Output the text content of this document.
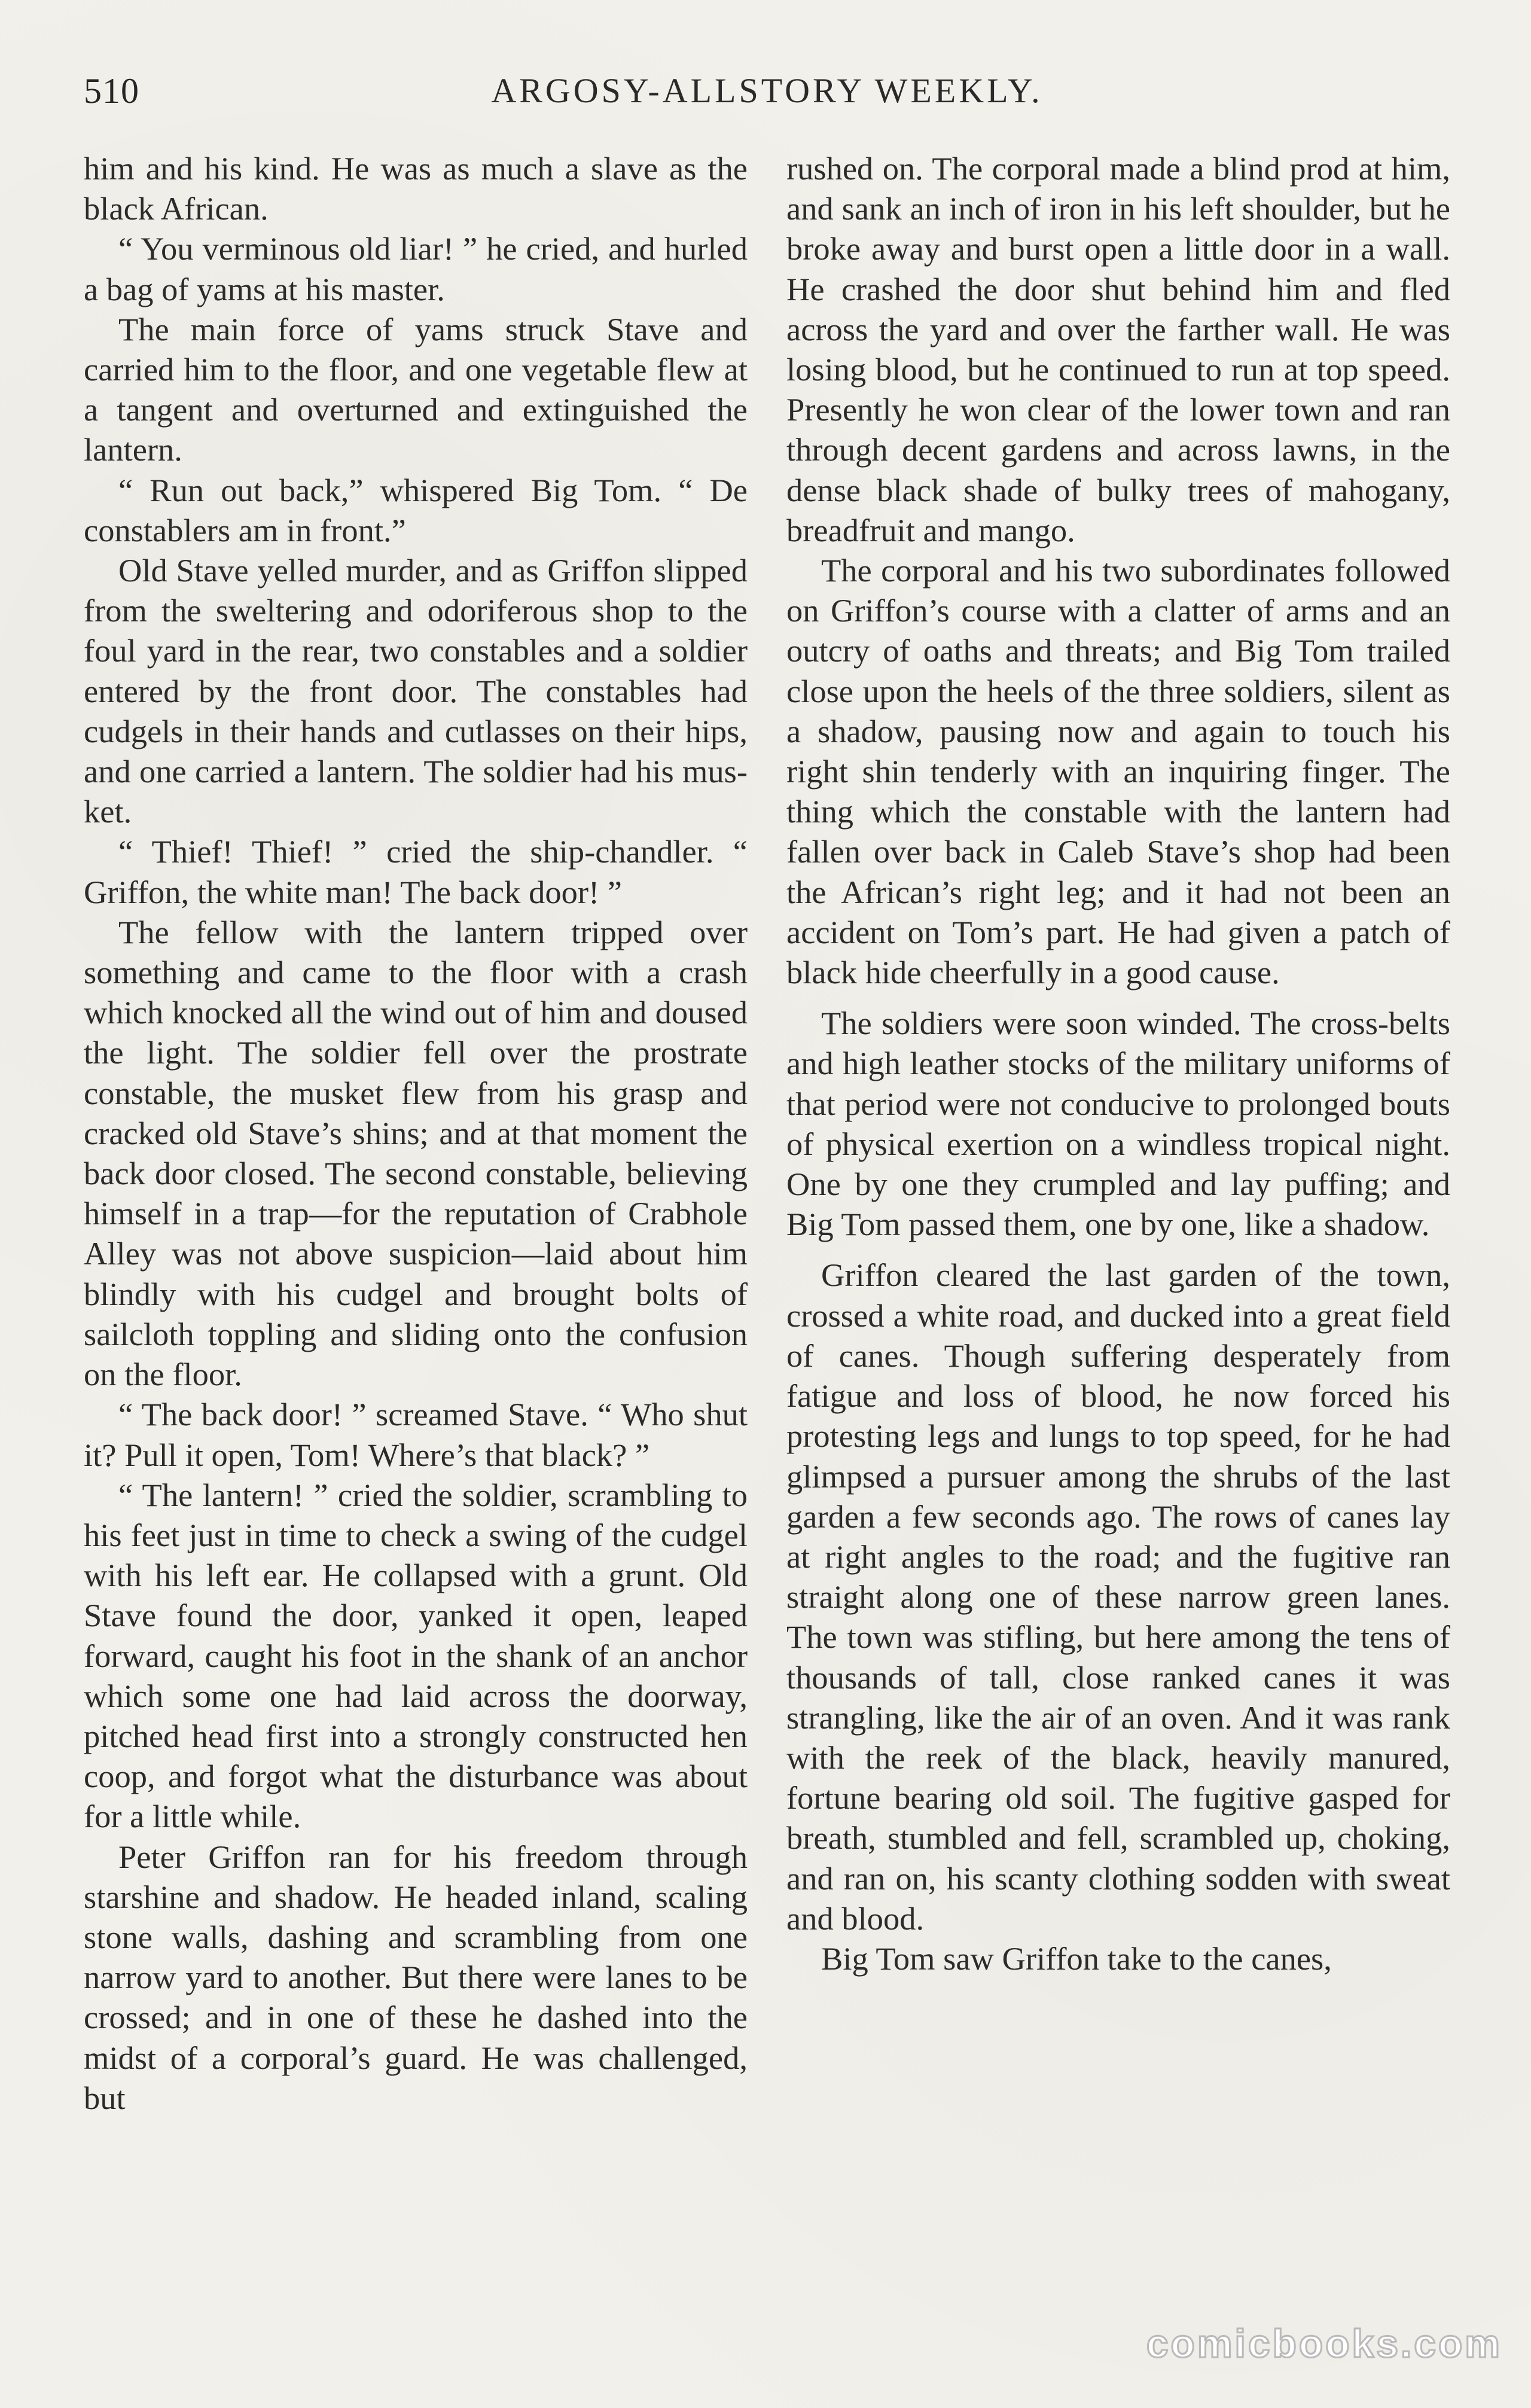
510	ARGOSY-ALLSTORY WEEKLY.

him and his kind. He was as much a slave as the black African.

“ You verminous old liar! ” he cried, and hurled a bag of yams at his master.

The main force of yams struck Stave and carried him to the floor, and one vegetable flew at a tangent and overturned and extinguished the lantern.

“ Run out back,” whispered Big Tom. “ De constablers am in front.”

Old Stave yelled murder, and as Griffon slipped from the sweltering and odoriferous shop to the foul yard in the rear, two constables and a soldier entered by the front door. The constables had cudgels in their hands and cutlasses on their hips, and one carried a lantern. The soldier had his musket.

“ Thief! Thief! ” cried the ship-chandler. “ Griffon, the white man! The back door! ”

The fellow with the lantern tripped over something and came to the floor with a crash which knocked all the wind out of him and doused the light. The soldier fell over the prostrate constable, the musket flew from his grasp and cracked old Stave’s shins; and at that moment the back door closed. The second constable, believing himself in a trap—for the reputation of Crabhole Alley was not above suspicion—laid about him blindly with his cudgel and brought bolts of sailcloth toppling and sliding onto the confusion on the floor.

“ The back door! ” screamed Stave. “ Who shut it? Pull it open, Tom! Where’s that black? ”

“ The lantern! ” cried the soldier, scrambling to his feet just in time to check a swing of the cudgel with his left ear. He collapsed with a grunt. Old Stave found the door, yanked it open, leaped forward, caught his foot in the shank of an anchor which some one had laid across the doorway, pitched head first into a strongly constructed hen coop, and forgot what the disturbance was about for a little while.

Peter Griffon ran for his freedom through starshine and shadow. He headed inland, scaling stone walls, dashing and scrambling from one narrow yard to another. But there were lanes to be crossed; and in one of these he dashed into the midst of a corporal’s guard. He was challenged, but

rushed on. The corporal made a blind prod at him, and sank an inch of iron in his left shoulder, but he broke away and burst open a little door in a wall. He crashed the door shut behind him and fled across the yard and over the farther wall. He was losing blood, but he continued to run at top speed. Presently he won clear of the lower town and ran through decent gardens and across lawns, in the dense black shade of bulky trees of mahogany, breadfruit and mango.

The corporal and his two subordinates followed on Griffon’s course with a clatter of arms and an outcry of oaths and threats; and Big Tom trailed close upon the heels of the three soldiers, silent as a shadow, pausing now and again to touch his right shin tenderly with an inquiring finger. The thing which the constable with the lantern had fallen over back in Caleb Stave’s shop had been the African’s right leg; and it had not been an accident on Tom’s part. He had given a patch of black hide cheerfully in a good cause.

The soldiers were soon winded. The cross-belts and high leather stocks of the military uniforms of that period were not conducive to prolonged bouts of physical exertion on a windless tropical night. One by one they crumpled and lay puffing; and Big Tom passed them, one by one, like a shadow.

Griffon cleared the last garden of the town, crossed a white road, and ducked into a great field of canes. Though suffering desperately from fatigue and loss of blood, he now forced his protesting legs and lungs to top speed, for he had glimpsed a pursuer among the shrubs of the last garden a few seconds ago. The rows of canes lay at right angles to the road; and the fugitive ran straight along one of these narrow green lanes. The town was stifling, but here among the tens of thousands of tall, close ranked canes it was strangling, like the air of an oven. And it was rank with the reek of the black, heavily manured, fortune bearing old soil. The fugitive gasped for breath, stumbled and fell, scrambled up, choking, and ran on, his scanty clothing sodden with sweat and blood.

Big Tom saw Griffon take to the canes,

comicbooks.com
